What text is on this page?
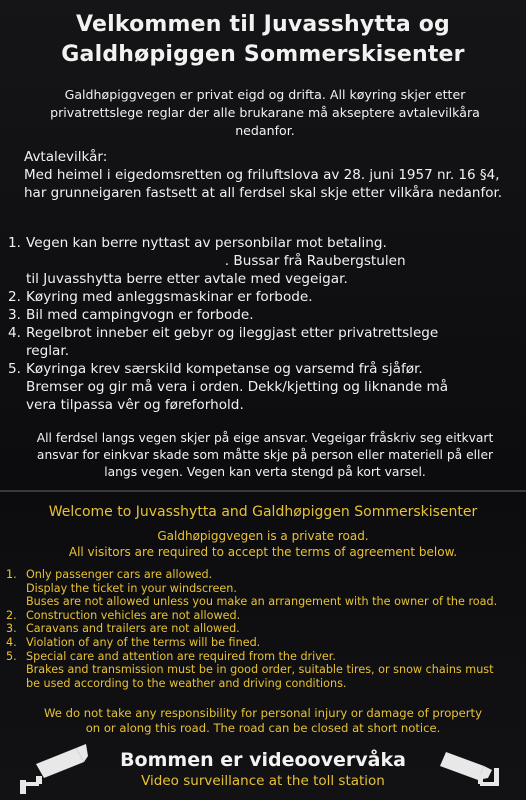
Velkommen til Juvasshytta og
Galdhøpiggen Sommerskisenter
Galdhøpiggvegen er privat eigd og drifta. All køyring skjer etter privatrettslege reglar der alle brukarane må akseptere avtalevilkåra nedanfor.
Avtalevilkår:
Med heimel i eigedomsretten og friluftslova av 28. juni 1957 nr. 16 §4, har grunneigaren fastsett at all ferdsel skal skje etter vilkåra nedanfor.
1. Vegen kan berre nyttast av personbilar mot betaling.
. Bussar frå Raubergstulen
til Juvasshytta berre etter avtale med vegeigar.
2. Køyring med anleggsmaskinar er forbode.
3. Bil med campingvogn er forbode.
4. Regelbrot inneber eit gebyr og ileggjast etter privatrettslege
reglar.
5. Køyringa krev særskild kompetanse og varsemd frå sjåfør.
Bremser og gir må vera i orden. Dekk/kjetting og liknande må
vera tilpassa vêr og føreforhold.
All ferdsel langs vegen skjer på eige ansvar. Vegeigar fråskriv seg eitkvart ansvar for einkvar skade som måtte skje på person eller materiell på eller langs vegen. Vegen kan verta stengd på kort varsel.
Welcome to Juvasshytta and Galdhøpiggen Sommerskisenter
Galdhøpiggvegen is a private road.
All visitors are required to accept the terms of agreement below.
1. Only passenger cars are allowed.
Display the ticket in your windscreen.
Buses are not allowed unless you make an arrangement with the owner of the road.
2. Construction vehicles are not allowed.
3. Caravans and trailers are not allowed.
4. Violation of any of the terms will be fined.
5. Special care and attention are required from the driver.
Brakes and transmission must be in good order, suitable tires, or snow chains must
be used according to the weather and driving conditions.
We do not take any responsibility for personal injury or damage of property
on or along this road. The road can be closed at short notice.
Bommen er videoovervåka
Video surveillance at the toll station
